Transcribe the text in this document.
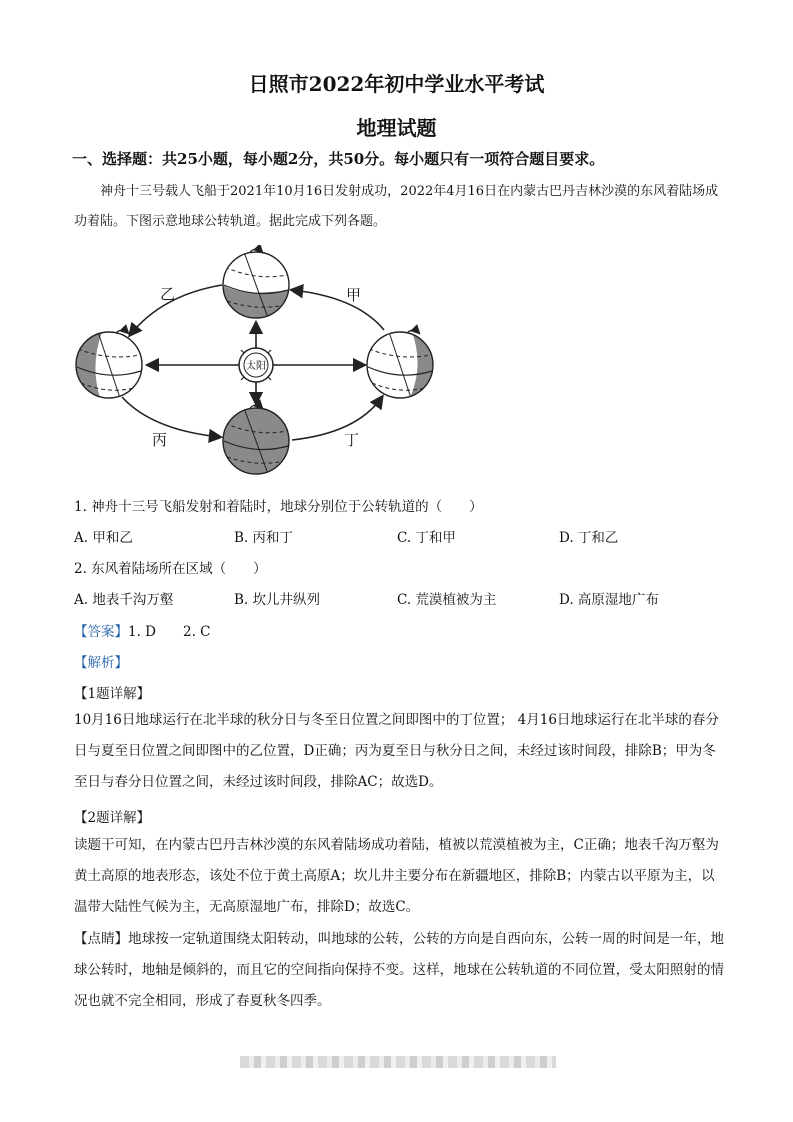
日照市2022年初中学业水平考试
地理试题
一、选择题：共25小题，每小题2分，共50分。每小题只有一项符合题目要求。
神舟十三号载人飞船于2021年10月16日发射成功，2022年4月16日在内蒙古巴丹吉林沙漠的东风着陆场成功着陆。下图示意地球公转轨道。据此完成下列各题。
太阳
乙	甲
丙	丁
1. 神舟十三号飞船发射和着陆时，地球分别位于公转轨道的（　　）
A. 甲和乙	B. 丙和丁	C. 丁和甲	D. 丁和乙
2. 东风着陆场所在区域（　　）
A. 地表千沟万壑	B. 坎儿井纵列	C. 荒漠植被为主	D. 高原湿地广布
【答案】1. D　　2. C
【解析】
【1题详解】
10月16日地球运行在北半球的秋分日与冬至日位置之间即图中的丁位置； 4月16日地球运行在北半球的春分日与夏至日位置之间即图中的乙位置，D正确；丙为夏至日与秋分日之间，未经过该时间段，排除B；甲为冬至日与春分日位置之间，未经过该时间段，排除AC；故选D。
【2题详解】
读题干可知，在内蒙古巴丹吉林沙漠的东风着陆场成功着陆，植被以荒漠植被为主，C正确；地表千沟万壑为黄土高原的地表形态，该处不位于黄土高原A；坎儿井主要分布在新疆地区，排除B；内蒙古以平原为主，以温带大陆性气候为主，无高原湿地广布，排除D；故选C。
【点睛】地球按一定轨道围绕太阳转动，叫地球的公转，公转的方向是自西向东，公转一周的时间是一年，地球公转时，地轴是倾斜的，而且它的空间指向保持不变。这样，地球在公转轨道的不同位置，受太阳照射的情况也就不完全相同，形成了春夏秋冬四季。
